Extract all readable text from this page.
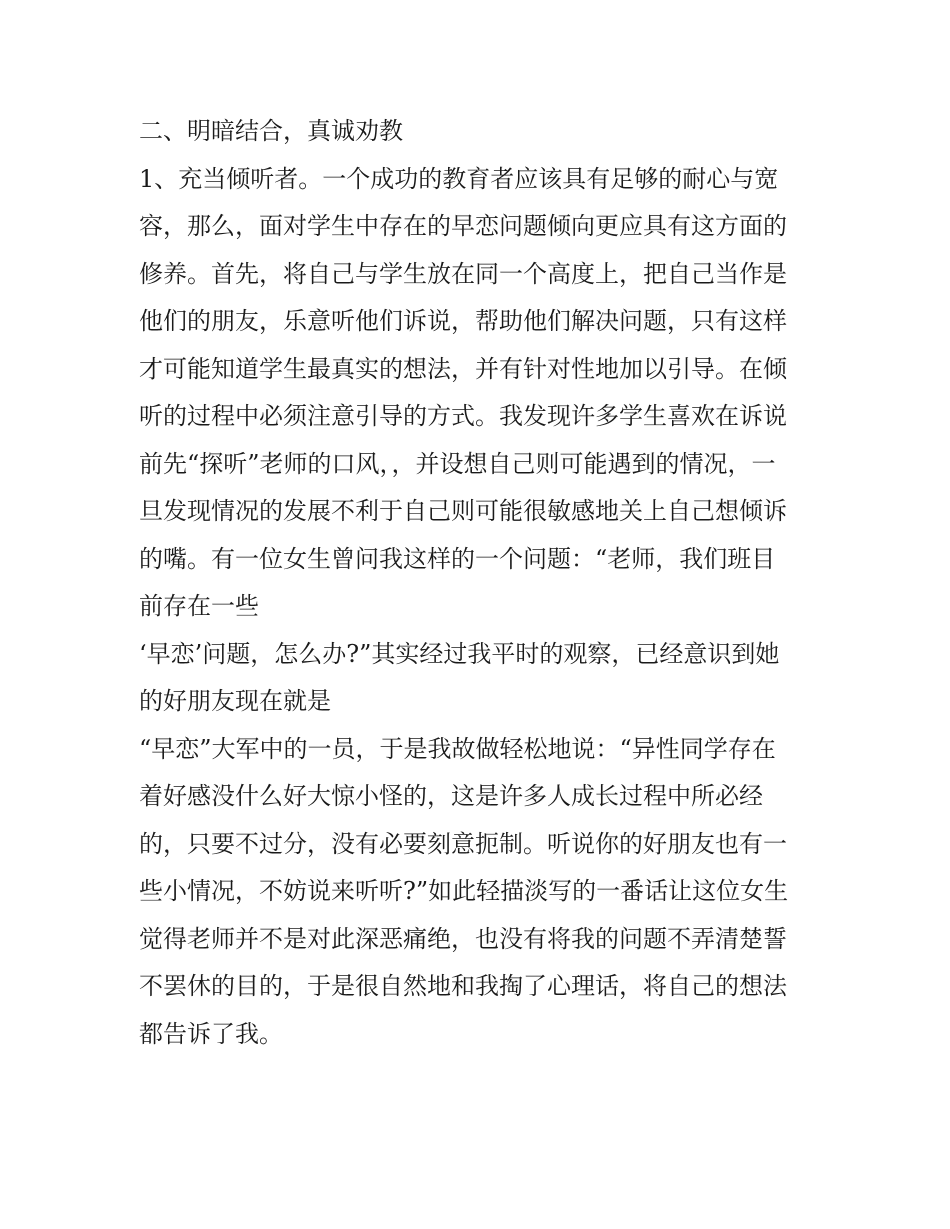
二、明暗结合，真诚劝教
1、充当倾听者。一个成功的教育者应该具有足够的耐心与宽
容，那么，面对学生中存在的早恋问题倾向更应具有这方面的
修养。首先，将自己与学生放在同一个高度上，把自己当作是
他们的朋友，乐意听他们诉说，帮助他们解决问题，只有这样
才可能知道学生最真实的想法，并有针对性地加以引导。在倾
听的过程中必须注意引导的方式。我发现许多学生喜欢在诉说
前先“探听”老师的口风，，并设想自己则可能遇到的情况，一
旦发现情况的发展不利于自己则可能很敏感地关上自己想倾诉
的嘴。有一位女生曾问我这样的一个问题：“老师，我们班目
前存在一些
‘早恋’问题，怎么办?”其实经过我平时的观察，已经意识到她
的好朋友现在就是
“早恋”大军中的一员，于是我故做轻松地说：“异性同学存在
着好感没什么好大惊小怪的，这是许多人成长过程中所必经
的，只要不过分，没有必要刻意扼制。听说你的好朋友也有一
些小情况，不妨说来听听?”如此轻描淡写的一番话让这位女生
觉得老师并不是对此深恶痛绝，也没有将我的问题不弄清楚誓
不罢休的目的，于是很自然地和我掏了心理话，将自己的想法
都告诉了我。
